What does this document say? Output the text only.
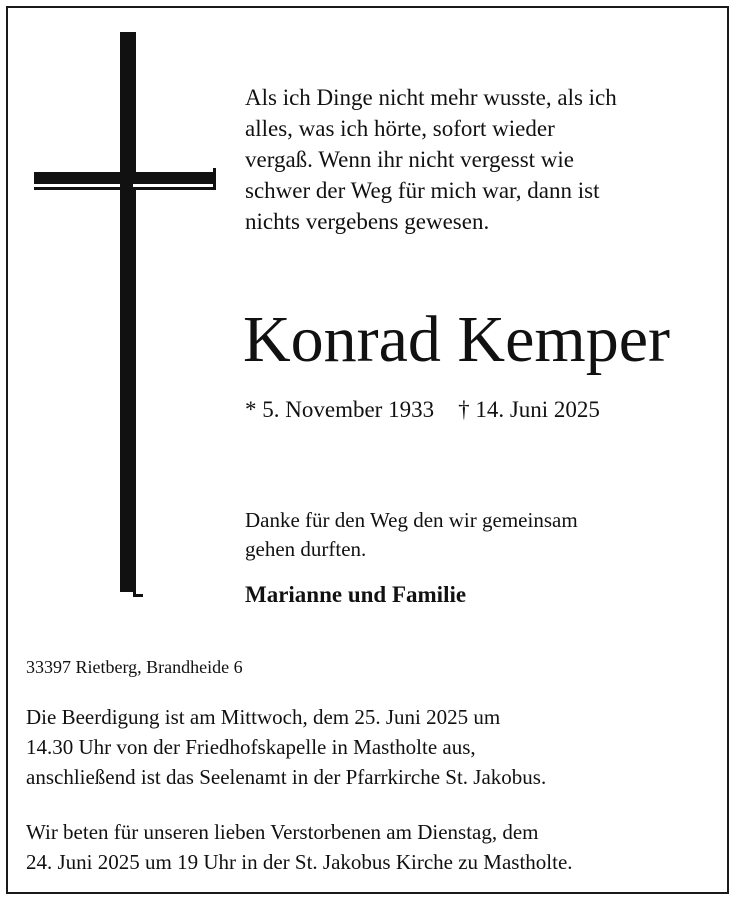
Als ich Dinge nicht mehr wusste, als ich
alles, was ich hörte, sofort wieder
vergaß. Wenn ihr nicht vergesst wie
schwer der Weg für mich war, dann ist
nichts vergebens gewesen.

Konrad Kemper
* 5. November 1933 † 14. Juni 2025

Danke für den Weg den wir gemeinsam
gehen durften.

Marianne und Familie

33397 Rietberg, Brandheide 6

Die Beerdigung ist am Mittwoch, dem 25. Juni 2025 um
14.30 Uhr von der Friedhofskapelle in Mastholte aus,
anschließend ist das Seelenamt in der Pfarrkirche St. Jakobus.

Wir beten für unseren lieben Verstorbenen am Dienstag, dem
24. Juni 2025 um 19 Uhr in der St. Jakobus Kirche zu Mastholte.
